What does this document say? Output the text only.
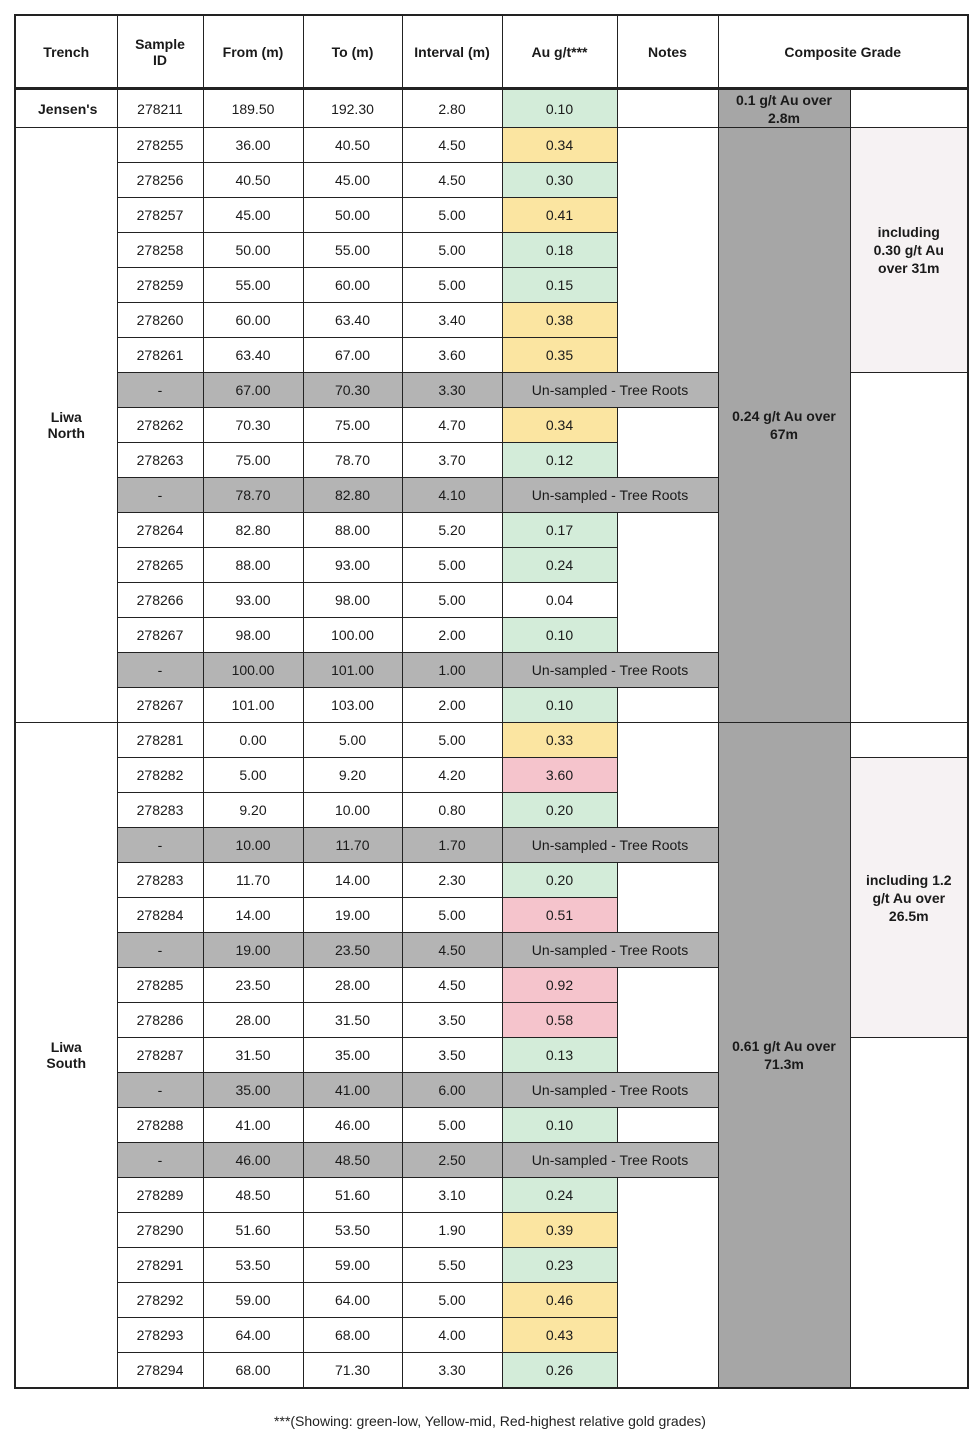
Trench	Sample ID	From (m)	To (m)	Interval (m)	Au g/t***	Notes	Composite Grade	
Jensen's	278211	189.50	192.30	2.80	0.10		0.1 g/t Au over 2.8m	
Liwa North	278255	36.00	40.50	4.50	0.34		0.24 g/t Au over 67m	including 0.30 g/t Au over 31m
	278256	40.50	45.00	4.50	0.30			
	278257	45.00	50.00	5.00	0.41			
	278258	50.00	55.00	5.00	0.18			
	278259	55.00	60.00	5.00	0.15			
	278260	60.00	63.40	3.40	0.38			
	278261	63.40	67.00	3.60	0.35			
	-	67.00	70.30	3.30	Un-sampled - Tree Roots			
	278262	70.30	75.00	4.70	0.34			
	278263	75.00	78.70	3.70	0.12			
	-	78.70	82.80	4.10	Un-sampled - Tree Roots			
	278264	82.80	88.00	5.20	0.17			
	278265	88.00	93.00	5.00	0.24			
	278266	93.00	98.00	5.00	0.04			
	278267	98.00	100.00	2.00	0.10			
	-	100.00	101.00	1.00	Un-sampled - Tree Roots			
	278267	101.00	103.00	2.00	0.10			
Liwa South	278281	0.00	5.00	5.00	0.33		0.61 g/t Au over 71.3m	
	278282	5.00	9.20	4.20	3.60			including 1.2 g/t Au over 26.5m
	278283	9.20	10.00	0.80	0.20			
	-	10.00	11.70	1.70	Un-sampled - Tree Roots			
	278283	11.70	14.00	2.30	0.20			
	278284	14.00	19.00	5.00	0.51			
	-	19.00	23.50	4.50	Un-sampled - Tree Roots			
	278285	23.50	28.00	4.50	0.92			
	278286	28.00	31.50	3.50	0.58			
	278287	31.50	35.00	3.50	0.13			
	-	35.00	41.00	6.00	Un-sampled - Tree Roots			
	278288	41.00	46.00	5.00	0.10			
	-	46.00	48.50	2.50	Un-sampled - Tree Roots			
	278289	48.50	51.60	3.10	0.24			
	278290	51.60	53.50	1.90	0.39			
	278291	53.50	59.00	5.50	0.23			
	278292	59.00	64.00	5.00	0.46			
	278293	64.00	68.00	4.00	0.43			
	278294	68.00	71.30	3.30	0.26			
***(Showing: green-low, Yellow-mid, Red-highest relative gold grades)
